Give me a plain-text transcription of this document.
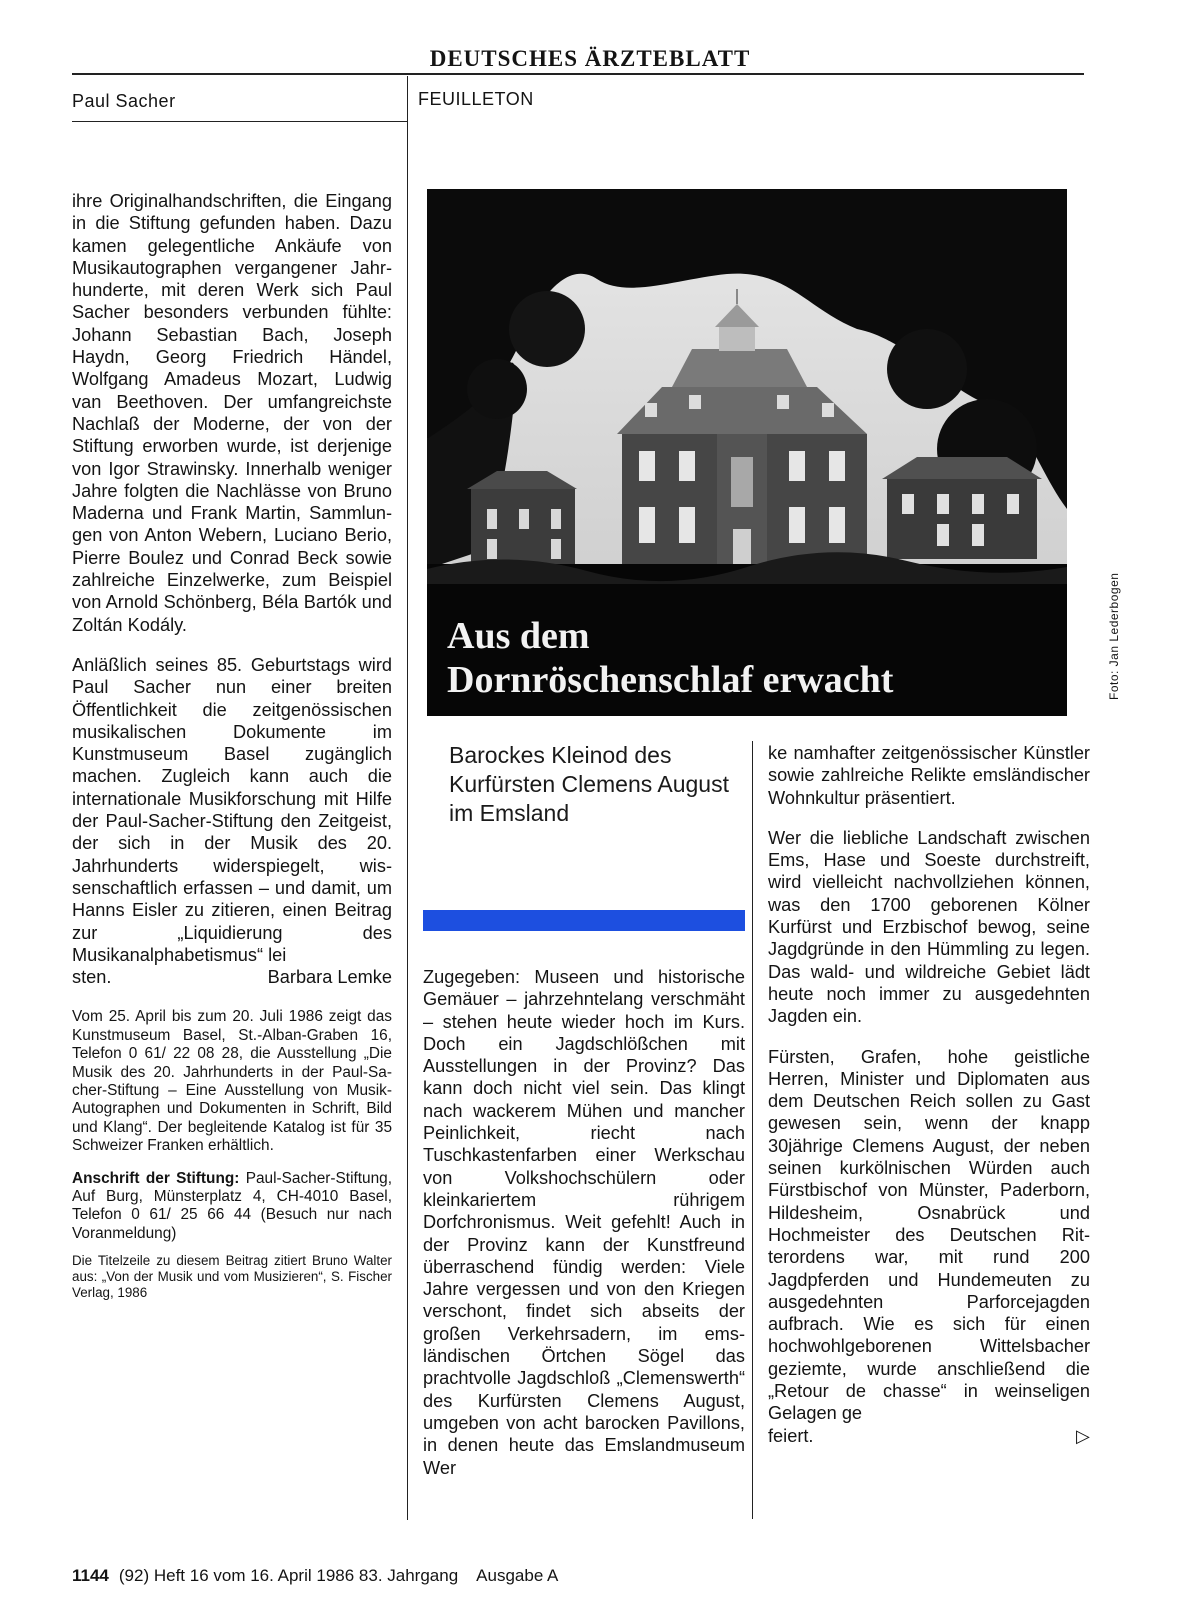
DEUTSCHES ÄRZTEBLATT
Paul Sacher	FEUILLETON

ihre Originalhandschriften, die Eingang in die Stiftung gefunden haben. Dazu kamen gelegentliche Ankäufe von Musikautographen vergangener Jahrhunderte, mit deren Werk sich Paul Sacher besonders verbunden fühlte: Johann Sebastian Bach, Joseph Haydn, Georg Friedrich Händel, Wolfgang Amadeus Mozart, Ludwig van Beethoven. Der umfangreichste Nachlaß der Moderne, der von der Stiftung erworben wurde, ist derjenige von Igor Strawinsky. Innerhalb weniger Jahre folgten die Nachlässe von Bruno Maderna und Frank Martin, Sammlungen von Anton Webern, Luciano Berio, Pierre Boulez und Conrad Beck sowie zahlreiche Einzelwerke, zum Beispiel von Arnold Schönberg, Béla Bartók und Zoltán Kodály.

Anläßlich seines 85. Geburtstags wird Paul Sacher nun einer breiten Öffentlichkeit die zeitgenössischen musikalischen Dokumente im Kunstmuseum Basel zugänglich machen. Zugleich kann auch die internationale Musikforschung mit Hilfe der Paul-Sacher-Stiftung den Zeitgeist, der sich in der Musik des 20. Jahrhunderts widerspiegelt, wissenschaftlich erfassen – und damit, um Hanns Eisler zu zitieren, einen Beitrag zur „Liquidierung des Musikanalphabetismus“ lei

sten.	Barbara Lemke

Vom 25. April bis zum 20. Juli 1986 zeigt das Kunstmuseum Basel, St.-Alban-Graben 16, Telefon 0 61/ 22 08 28, die Ausstellung „Die Musik des 20. Jahrhunderts in der Paul-Sacher-Stiftung – Eine Ausstellung von Musik-Autographen und Dokumenten in Schrift, Bild und Klang“. Der begleitende Katalog ist für 35 Schweizer Franken erhältlich.

Anschrift der Stiftung: Paul-Sacher-Stiftung, Auf Burg, Münsterplatz 4, CH-4010 Basel, Telefon 0 61/ 25 66 44 (Besuch nur nach Voranmeldung)

Die Titelzeile zu diesem Beitrag zitiert Bruno Walter aus: „Von der Musik und vom Musizieren“, S. Fischer Verlag, 1986

Aus dem
Dornröschenschlaf erwacht	Foto: Jan Lederbogen
Barockes Kleinod des Kurfürsten Clemens August im Emsland

Zugegeben: Museen und historische Gemäuer – jahrzehntelang verschmäht – stehen heute wieder hoch im Kurs. Doch ein Jagdschlößchen mit Ausstellungen in der Provinz? Das kann doch nicht viel sein. Das klingt nach wackerem Mühen und mancher Peinlichkeit, riecht nach Tuschkastenfarben einer Werkschau von Volkshochschülern oder kleinkariertem rührigem Dorfchronismus. Weit gefehlt! Auch in der Provinz kann der Kunstfreund überraschend fündig werden: Viele Jahre vergessen und von den Kriegen verschont, findet sich abseits der großen Verkehrsadern, im emsländischen Örtchen Sögel das prachtvolle Jagdschloß „Clemenswerth“ des Kurfürsten Clemens August, umgeben von acht barocken Pavillons, in denen heute das Emslandmuseum Wer

ke namhafter zeitgenössischer Künstler sowie zahlreiche Relikte emsländischer Wohnkultur präsentiert.

Wer die liebliche Landschaft zwischen Ems, Hase und Soeste durchstreift, wird vielleicht nachvollziehen können, was den 1700 geborenen Kölner Kurfürst und Erzbischof bewog, seine Jagdgründe in den Hümmling zu legen. Das wald- und wildreiche Gebiet lädt heute noch immer zu ausgedehnten Jagden ein.

Fürsten, Grafen, hohe geistliche Herren, Minister und Diplomaten aus dem Deutschen Reich sollen zu Gast gewesen sein, wenn der knapp 30jährige Clemens August, der neben seinen kurkölnischen Würden auch Fürstbischof von Münster, Paderborn, Hildesheim, Osnabrück und Hochmeister des Deutschen Ritterordens war, mit rund 200 Jagdpferden und Hundemeuten zu ausgedehnten Parforcejagden aufbrach. Wie es sich für einen hochwohlgeborenen Wittelsbacher geziemte, wurde anschließend die „Retour de chasse“ in weinseligen Gelagen ge

feiert.	▷
1144 (92) Heft 16 vom 16. April 1986 83. Jahrgang Ausgabe A
